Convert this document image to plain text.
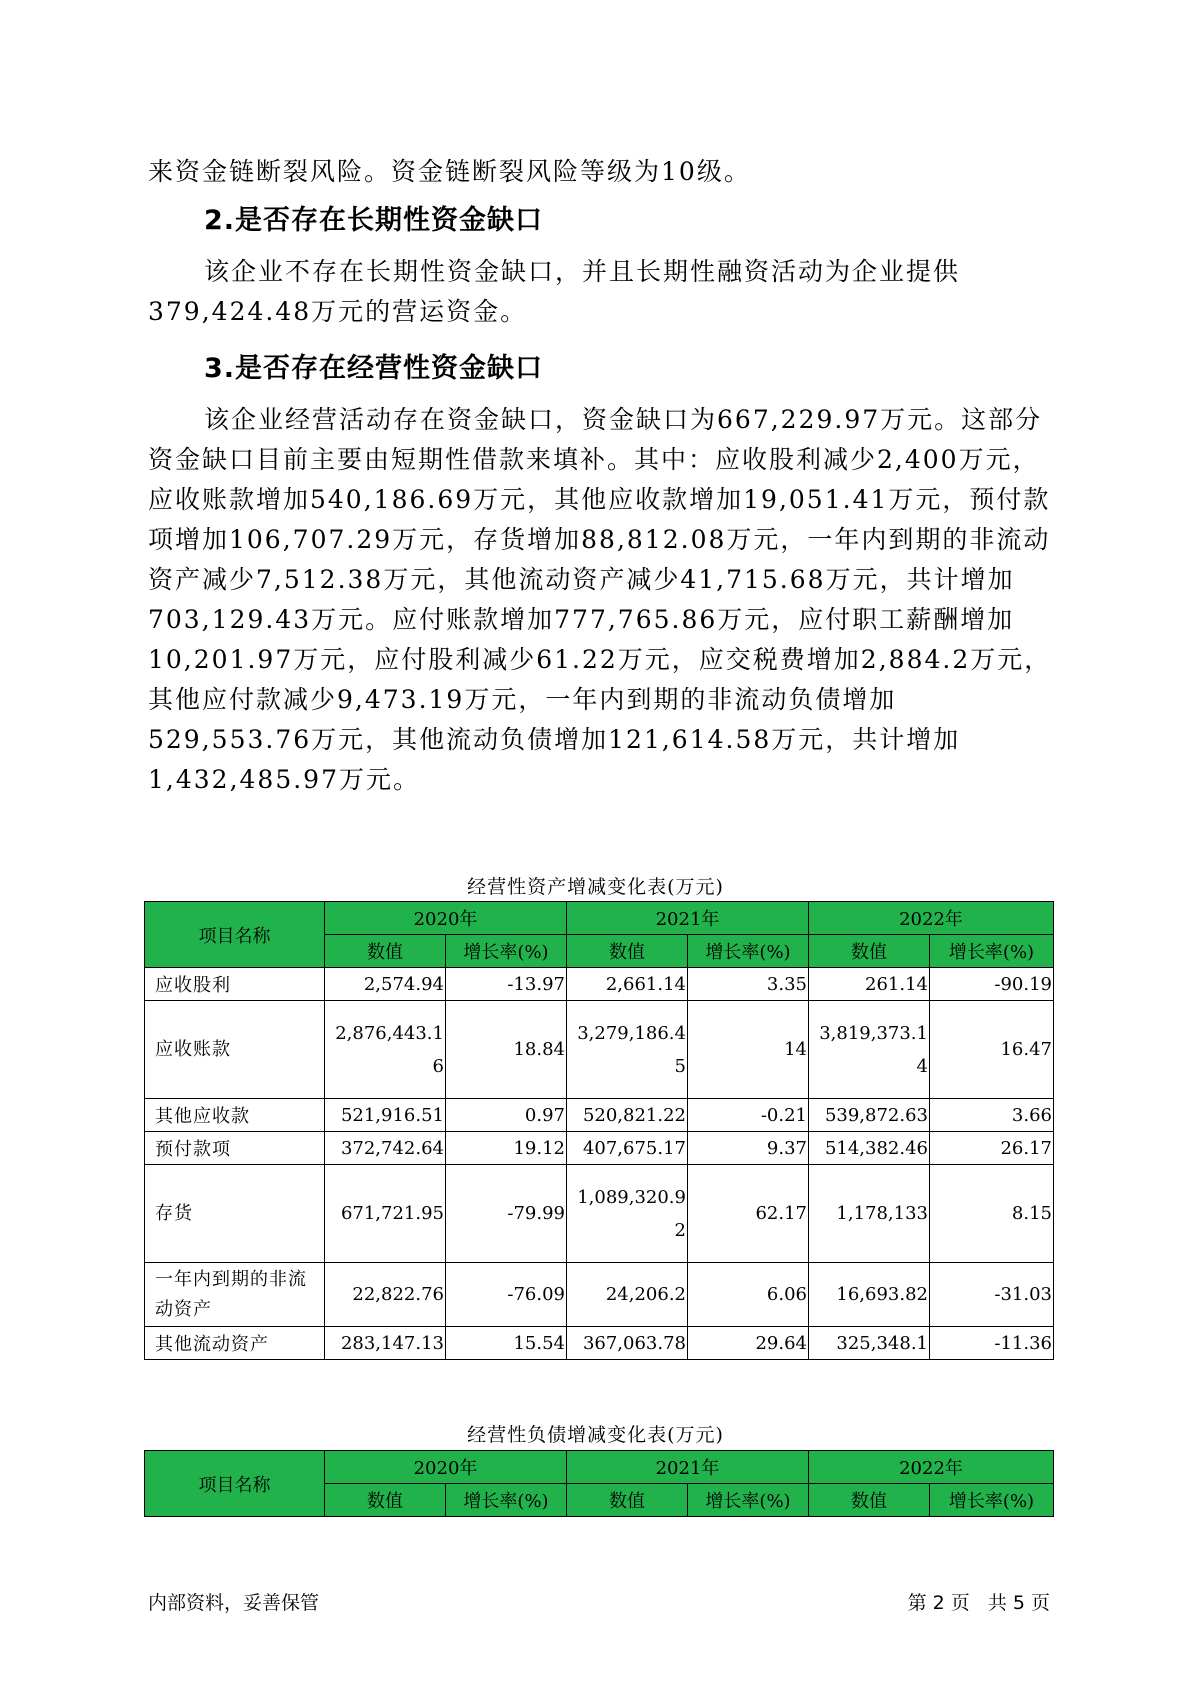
来资金链断裂风险。资金链断裂风险等级为10级。
2.是否存在长期性资金缺口
该企业不存在长期性资金缺口，并且长期性融资活动为企业提供379,424.48万元的营运资金。
3.是否存在经营性资金缺口
该企业经营活动存在资金缺口，资金缺口为667,229.97万元。这部分资金缺口目前主要由短期性借款来填补。其中：应收股利减少2,400万元，应收账款增加540,186.69万元，其他应收款增加19,051.41万元，预付款项增加106,707.29万元，存货增加88,812.08万元，一年内到期的非流动资产减少7,512.38万元，其他流动资产减少41,715.68万元，共计增加703,129.43万元。应付账款增加777,765.86万元，应付职工薪酬增加10,201.97万元，应付股利减少61.22万元，应交税费增加2,884.2万元，其他应付款减少9,473.19万元，一年内到期的非流动负债增加529,553.76万元，其他流动负债增加121,614.58万元，共计增加1,432,485.97万元。
经营性资产增减变化表(万元)
项目名称	2020年		2021年		2022年	
	数值	增长率(%)	数值	增长率(%)	数值	增长率(%)
应收股利	2,574.94	-13.97	2,661.14	3.35	261.14	-90.19
应收账款	2,876,443.16	18.84	3,279,186.45	14	3,819,373.14	16.47
其他应收款	521,916.51	0.97	520,821.22	-0.21	539,872.63	3.66
预付款项	372,742.64	19.12	407,675.17	9.37	514,382.46	26.17
存货	671,721.95	-79.99	1,089,320.92	62.17	1,178,133	8.15
一年内到期的非流动资产	22,822.76	-76.09	24,206.2	6.06	16,693.82	-31.03
其他流动资产	283,147.13	15.54	367,063.78	29.64	325,348.1	-11.36
经营性负债增减变化表(万元)
项目名称	2020年		2021年		2022年	
	数值	增长率(%)	数值	增长率(%)	数值	增长率(%)
内部资料，妥善保管	第 2 页 共 5 页
